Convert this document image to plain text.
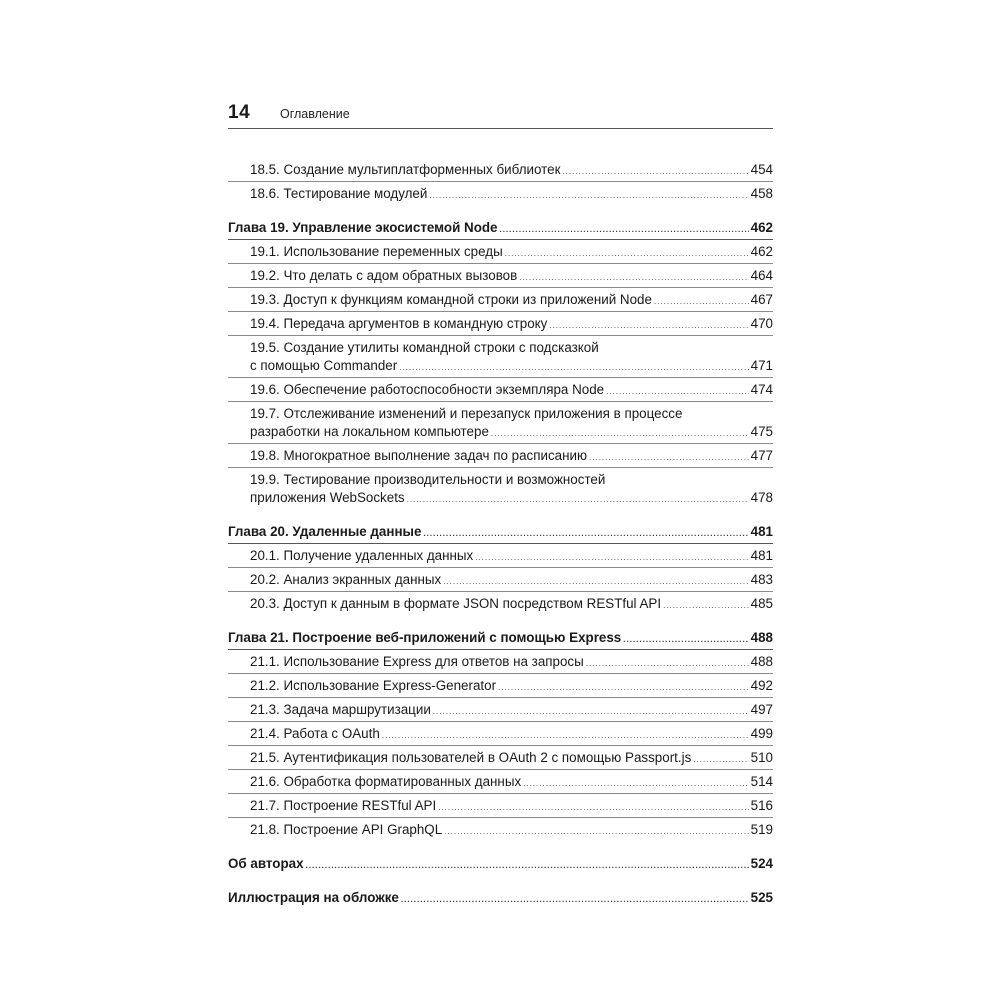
14	Оглавление
18.5. Создание мультиплатформенных библиотек .....	454
18.6. Тестирование модулей .....	458
Глава 19. Управление экосистемой Node .....	462
19.1. Использование переменных среды .....	462
19.2. Что делать с адом обратных вызовов .....	464
19.3. Доступ к функциям командной строки из приложений Node .....	467
19.4. Передача аргументов в командную строку .....	470
19.5. Создание утилиты командной строки с подсказкой
с помощью Commander .....	471
19.6. Обеспечение работоспособности экземпляра Node .....	474
19.7. Отслеживание изменений и перезапуск приложения в процессе
разработки на локальном компьютере .....	475
19.8. Многократное выполнение задач по расписанию .....	477
19.9. Тестирование производительности и возможностей
приложения WebSockets .....	478
Глава 20. Удаленные данные .....	481
20.1. Получение удаленных данных .....	481
20.2. Анализ экранных данных .....	483
20.3. Доступ к данным в формате JSON посредством RESTful API .....	485
Глава 21. Построение веб-приложений с помощью Express .....	488
21.1. Использование Express для ответов на запросы .....	488
21.2. Использование Express-Generator .....	492
21.3. Задача маршрутизации .....	497
21.4. Работа с OAuth .....	499
21.5. Аутентификация пользователей в OAuth 2 с помощью Passport.js .....	510
21.6. Обработка форматированных данных .....	514
21.7. Построение RESTful API .....	516
21.8. Построение API GraphQL .....	519
Об авторах .....	524
Иллюстрация на обложке .....	525
